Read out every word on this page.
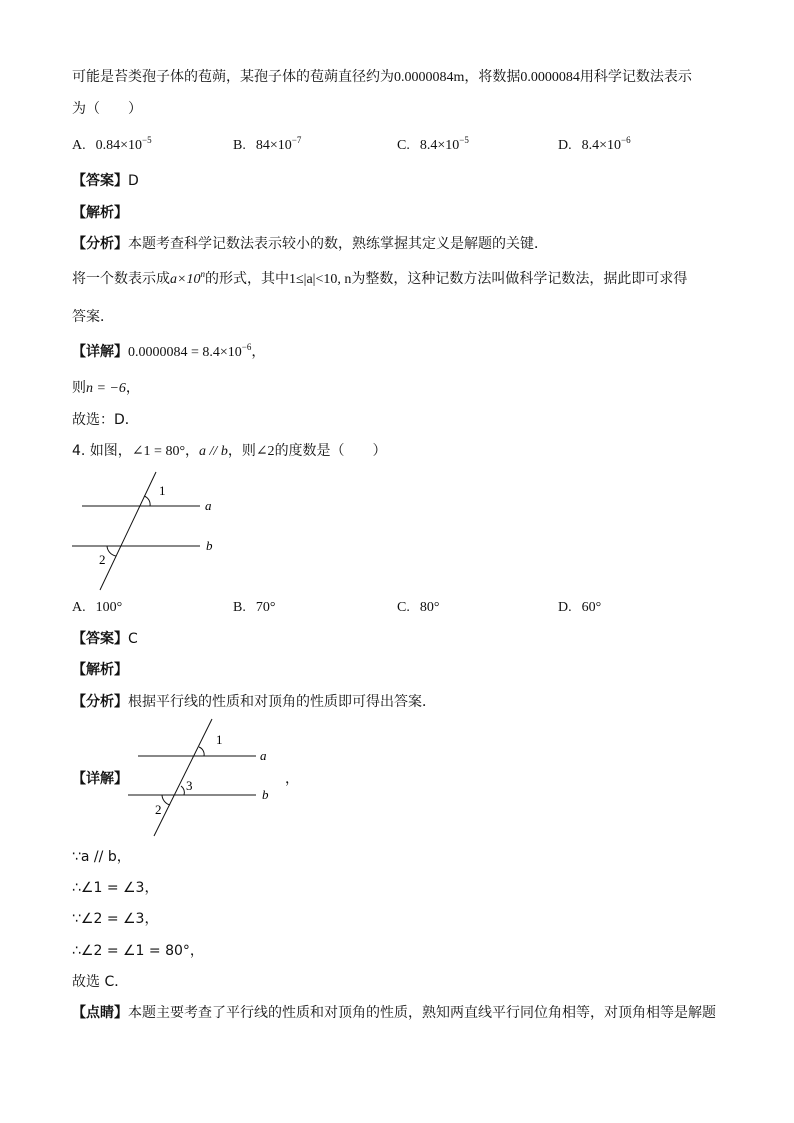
可能是苔类孢子体的苞蒴，某孢子体的苞蒴直径约为0.0000084m，将数据0.0000084用科学记数法表示
为（　　）
A. $0.84\times 10^{-5}$	B. $84\times 10^{-7}$	C. $8.4\times 10^{-5}$	D. $8.4\times 10^{-6}$
【答案】D
【解析】
【分析】本题考查科学记数法表示较小的数，熟练掌握其定义是解题的关键．
将一个数表示成$a\times 10^n$的形式，其中1≤|a|<10, n为整数，这种记数方法叫做科学记数法，据此即可求得
答案．
【详解】$0.0000084 = 8.4\times 10^{-6}$，
则n = −6，
故选：D．
4. 如图，∠1 = 80°，a // b，则∠2的度数是（　　）
1
2
a
b
A. 100°	B. 70°	C. 80°	D. 60°
【答案】C
【解析】
【分析】根据平行线的性质和对顶角的性质即可得出答案．
【详解】
1
3
2
a
b
，
∵a // b，
∴∠1 = ∠3，
∵∠2 = ∠3，
∴∠2 = ∠1 = 80°，
故选 C．
【点睛】本题主要考查了平行线的性质和对顶角的性质，熟知两直线平行同位角相等，对顶角相等是解题
